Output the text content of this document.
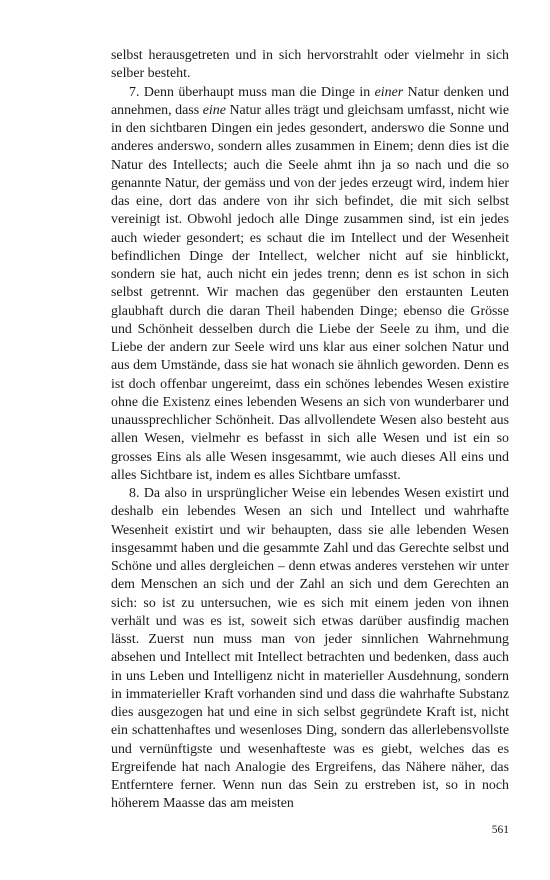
selbst herausgetreten und in sich hervorstrahlt oder vielmehr in sich selber besteht.

7. Denn überhaupt muss man die Dinge in einer Natur denken und annehmen, dass eine Natur alles trägt und gleichsam umfasst, nicht wie in den sichtbaren Dingen ein jedes gesondert, anderswo die Sonne und anderes anderswo, sondern alles zusammen in Einem; denn dies ist die Natur des Intellects; auch die Seele ahmt ihn ja so nach und die so genannte Natur, der gemäss und von der jedes erzeugt wird, indem hier das eine, dort das andere von ihr sich befindet, die mit sich selbst vereinigt ist. Obwohl jedoch alle Dinge zusammen sind, ist ein jedes auch wieder gesondert; es schaut die im Intellect und der Wesenheit befindlichen Dinge der Intellect, welcher nicht auf sie hinblickt, sondern sie hat, auch nicht ein jedes trenn; denn es ist schon in sich selbst getrennt. Wir machen das gegenüber den erstaunten Leuten glaubhaft durch die daran Theil habenden Dinge; ebenso die Grösse und Schönheit desselben durch die Liebe der Seele zu ihm, und die Liebe der andern zur Seele wird uns klar aus einer solchen Natur und aus dem Umstände, dass sie hat wonach sie ähnlich geworden. Denn es ist doch offenbar ungereimt, dass ein schönes lebendes Wesen existire ohne die Existenz eines lebenden Wesens an sich von wunderbarer und unaussprechlicher Schönheit. Das allvollendete Wesen also besteht aus allen Wesen, vielmehr es befasst in sich alle Wesen und ist ein so grosses Eins als alle Wesen insgesammt, wie auch dieses All eins und alles Sichtbare ist, indem es alles Sichtbare umfasst.

8. Da also in ursprünglicher Weise ein lebendes Wesen existirt und deshalb ein lebendes Wesen an sich und Intellect und wahrhafte Wesenheit existirt und wir behaupten, dass sie alle lebenden Wesen insgesammt haben und die gesammte Zahl und das Gerechte selbst und Schöne und alles dergleichen – denn etwas anderes verstehen wir unter dem Menschen an sich und der Zahl an sich und dem Gerechten an sich: so ist zu untersuchen, wie es sich mit einem jeden von ihnen verhält und was es ist, soweit sich etwas darüber ausfindig machen lässt. Zuerst nun muss man von jeder sinnlichen Wahrnehmung absehen und Intellect mit Intellect betrachten und bedenken, dass auch in uns Leben und Intelligenz nicht in materieller Ausdehnung, sondern in immaterieller Kraft vorhanden sind und dass die wahrhafte Substanz dies ausgezogen hat und eine in sich selbst gegründete Kraft ist, nicht ein schattenhaftes und wesenloses Ding, sondern das allerlebensvollste und vernünftigste und wesenhafteste was es giebt, welches das es Ergreifende hat nach Analogie des Ergreifens, das Nähere näher, das Entferntere ferner. Wenn nun das Sein zu erstreben ist, so in noch höherem Maasse das am meisten

561
